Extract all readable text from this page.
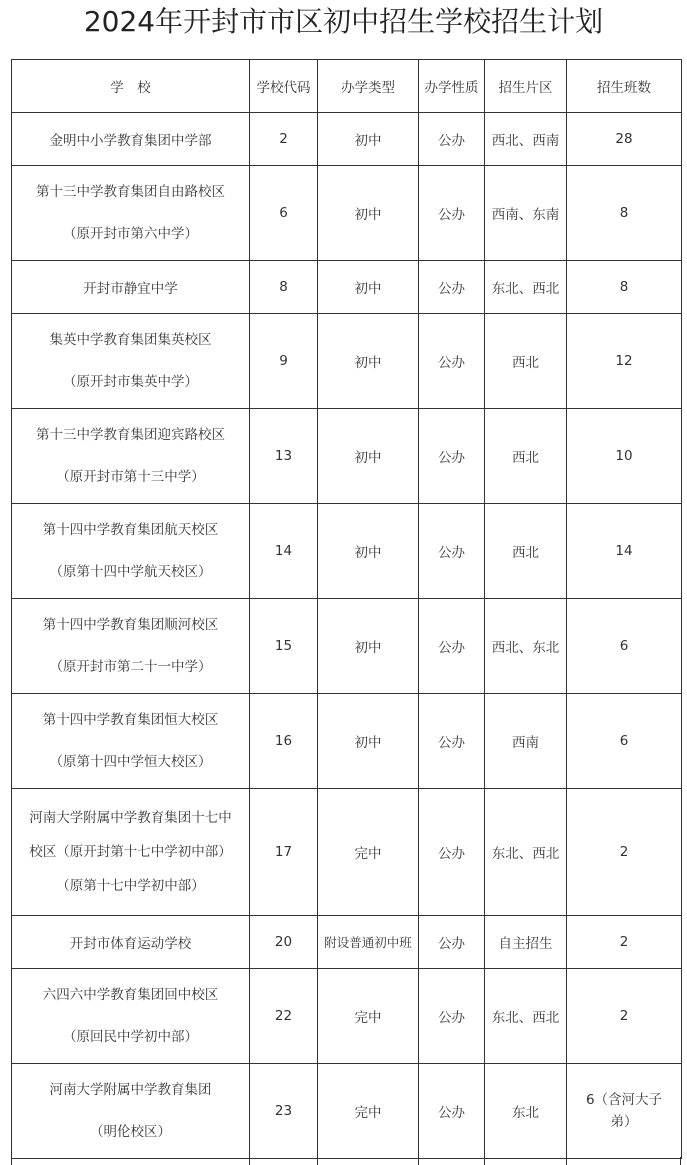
2024年开封市市区初中招生学校招生计划
学　校	学校代码	办学类型	办学性质	招生片区	招生班数
金明中小学教育集团中学部	2	初中	公办	西北、西南	28

第十三中学教育集团自由路校区
（原开封市第六中学）	6	初中	公办	西南、东南	8
开封市静宜中学	8	初中	公办	东北、西北	8

集英中学教育集团集英校区
（原开封市集英中学）	9	初中	公办	西北	12

第十三中学教育集团迎宾路校区
（原开封市第十三中学）	13	初中	公办	西北	10

第十四中学教育集团航天校区
（原第十四中学航天校区）	14	初中	公办	西北	14

第十四中学教育集团顺河校区
（原开封市第二十一中学）	15	初中	公办	西北、东北	6

第十四中学教育集团恒大校区
（原第十四中学恒大校区）	16	初中	公办	西南	6

河南大学附属中学教育集团十七中
校区（原开封第十七中学初中部）
（原第十七中学初中部）	17	完中	公办	东北、西北	2
开封市体育运动学校	20	附设普通初中班	公办	自主招生	2

六四六中学教育集团回中校区
（原回民中学初中部）	22	完中	公办	东北、西北	2

河南大学附属中学教育集团
（明伦校区）	23	完中	公办	东北	6（含河大子弟）
